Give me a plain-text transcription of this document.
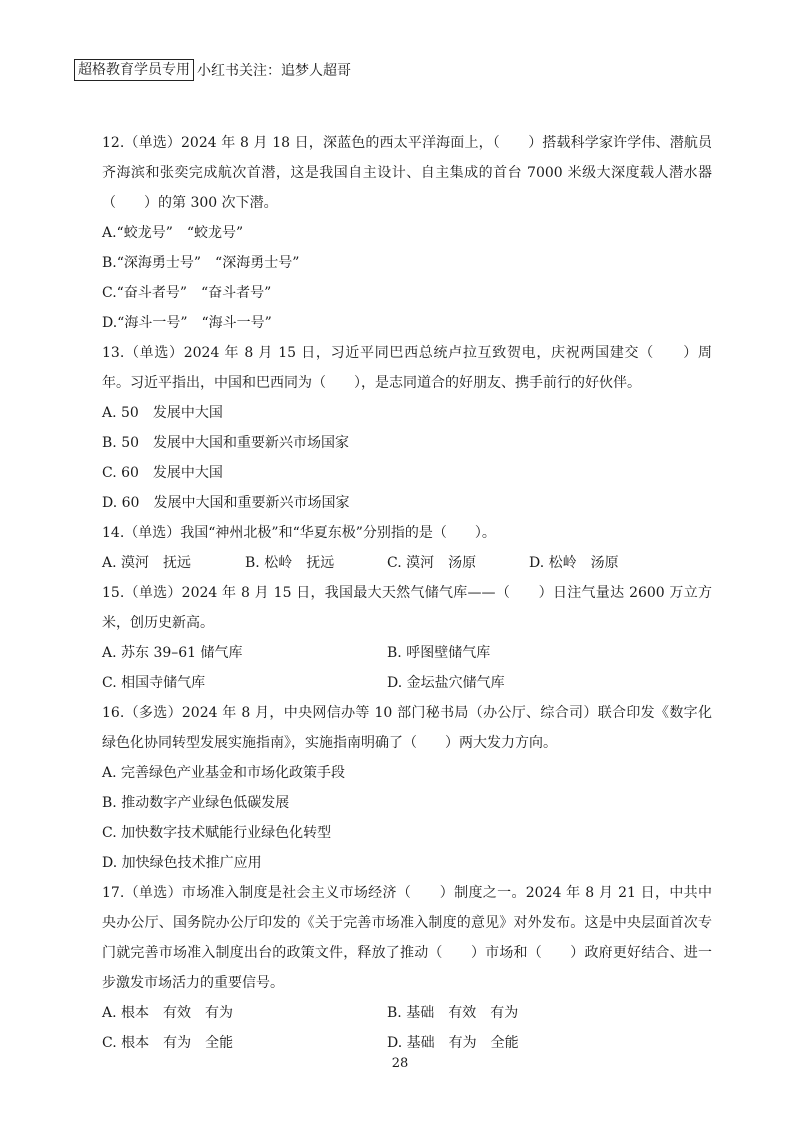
超格教育学员专用 小红书关注：追梦人超哥
12.（单选）2024 年 8 月 18 日，深蓝色的西太平洋海面上，（　　）搭载科学家许学伟、潜航员齐海滨和张奕完成航次首潜，这是我国自主设计、自主集成的首台 7000 米级大深度载人潜水器（　　）的第 300 次下潜。
A.“蛟龙号”　“蛟龙号”
B.“深海勇士号”　“深海勇士号”
C.“奋斗者号”　“奋斗者号”
D.“海斗一号”　“海斗一号”
13.（单选）2024 年 8 月 15 日，习近平同巴西总统卢拉互致贺电，庆祝两国建交（　　）周年。习近平指出，中国和巴西同为（　　），是志同道合的好朋友、携手前行的好伙伴。
A. 50　发展中大国
B. 50　发展中大国和重要新兴市场国家
C. 60　发展中大国
D. 60　发展中大国和重要新兴市场国家
14.（单选）我国“神州北极”和“华夏东极”分别指的是（　　）。
A. 漠河　抚远	B. 松岭　抚远	C. 漠河　汤原	D. 松岭　汤原
15.（单选）2024 年 8 月 15 日，我国最大天然气储气库——（　　）日注气量达 2600 万立方米，创历史新高。
A. 苏东 39–61 储气库	B. 呼图壁储气库
C. 相国寺储气库	D. 金坛盐穴储气库
16.（多选）2024 年 8 月，中央网信办等 10 部门秘书局（办公厅、综合司）联合印发《数字化绿色化协同转型发展实施指南》，实施指南明确了（　　）两大发力方向。
A. 完善绿色产业基金和市场化政策手段
B. 推动数字产业绿色低碳发展
C. 加快数字技术赋能行业绿色化转型
D. 加快绿色技术推广应用
17.（单选）市场准入制度是社会主义市场经济（　　）制度之一。2024 年 8 月 21 日，中共中央办公厅、国务院办公厅印发的《关于完善市场准入制度的意见》对外发布。这是中央层面首次专门就完善市场准入制度出台的政策文件，释放了推动（　　）市场和（　　）政府更好结合、进一步激发市场活力的重要信号。
A. 根本　有效　有为	B. 基础　有效　有为
C. 根本　有为　全能	D. 基础　有为　全能
28
